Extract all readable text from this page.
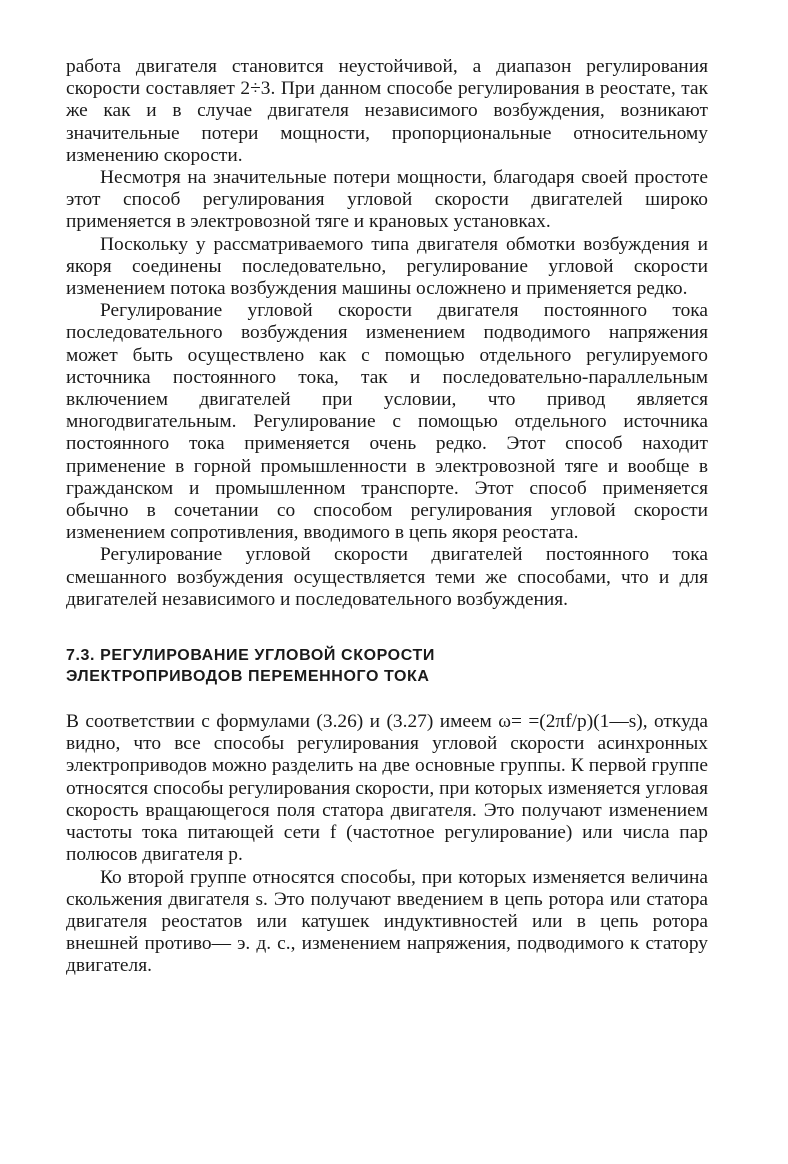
работа двигателя становится неустойчивой, а диапазон регулирования скорости составляет 2÷3. При данном способе регулирования в реостате, так же как и в случае двигателя независимого возбуждения, возникают значительные потери мощности, пропорциональные относительному изменению скорости.

Несмотря на значительные потери мощности, благодаря своей простоте этот способ регулирования угловой скорости двигателей широко применяется в электровозной тяге и крановых установках.

Поскольку у рассматриваемого типа двигателя обмотки возбуждения и якоря соединены последовательно, регулирование угловой скорости изменением потока возбуждения машины осложнено и применяется редко.

Регулирование угловой скорости двигателя постоянного тока последовательного возбуждения изменением подводимого напряжения может быть осуществлено как с помощью отдельного регулируемого источника постоянного тока, так и последовательно-параллельным включением двигателей при условии, что привод является многодвигательным. Регулирование с помощью отдельного источника постоянного тока применяется очень редко. Этот способ находит применение в горной промышленности в электровозной тяге и вообще в гражданском и промышленном транспорте. Этот способ применяется обычно в сочетании со способом регулирования угловой скорости изменением сопротивления, вводимого в цепь якоря реостата.

Регулирование угловой скорости двигателей постоянного тока смешанного возбуждения осуществляется теми же способами, что и для двигателей независимого и последовательного возбуждения.

7.3. РЕГУЛИРОВАНИЕ УГЛОВОЙ СКОРОСТИ
ЭЛЕКТРОПРИВОДОВ ПЕРЕМЕННОГО ТОКА

В соответствии с формулами (3.26) и (3.27) имеем ω= =(2πf/p)(1—s), откуда видно, что все способы регулирования угловой скорости асинхронных электроприводов можно разделить на две основные группы. К первой группе относятся способы регулирования скорости, при которых изменяется угловая скорость вращающегося поля статора двигателя. Это получают изменением частоты тока питающей сети f (частотное регулирование) или числа пар полюсов двигателя p.

Ко второй группе относятся способы, при которых изменяется величина скольжения двигателя s. Это получают введением в цепь ротора или статора двигателя реостатов или катушек индуктивностей или в цепь ротора внешней противо— э. д. с., изменением напряжения, подводимого к статору двигателя.
